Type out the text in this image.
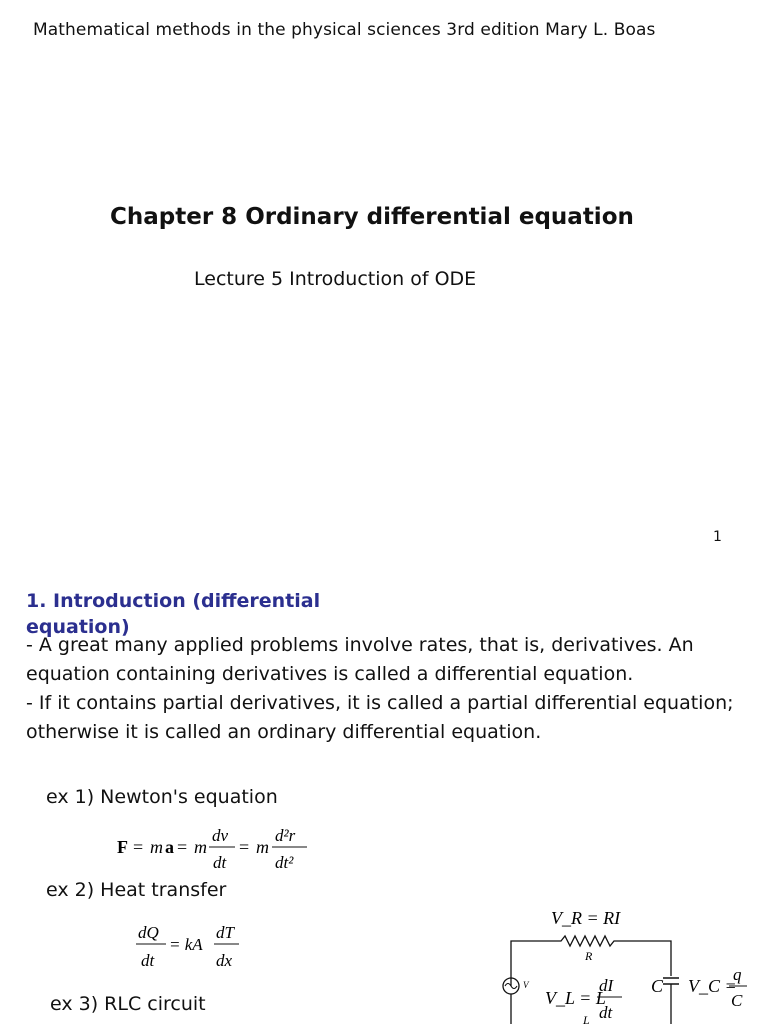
Mathematical methods in the physical sciences 3rd edition Mary L. Boas
Chapter 8 Ordinary differential equation
Lecture 5 Introduction of ODE
1
1. Introduction (differential equation)
- A great many applied problems involve rates, that is, derivatives. An equation containing derivatives is called a differential equation.
- If it contains partial derivatives, it is called a partial differential equation; otherwise it is called an ordinary differential equation.
ex 1) Newton's equation
F = m a = m
dv
dt
= m
d²r
dt²
ex 2) Heat transfer
dQ
dt
= kA
dT
dx
ex 3) RLC circuit
V_R = RI
R
C
V
V_L = L
dI
dt
L
V_C =
q
C
